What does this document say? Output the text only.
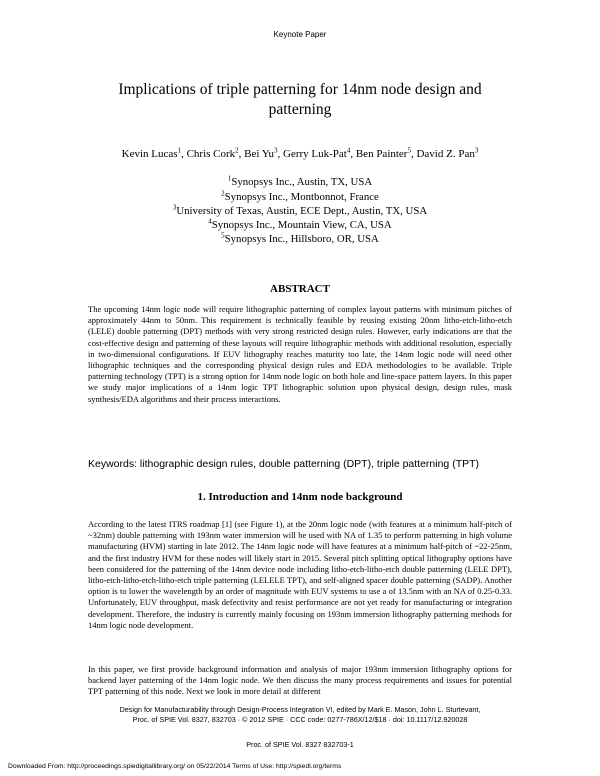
Keynote Paper
Implications of triple patterning for 14nm node design and patterning
Kevin Lucas$^1$, Chris Cork$^2$, Bei Yu$^3$, Gerry Luk-Pat$^4$, Ben Painter$^5$, David Z. Pan$^3$
$^1$Synopsys Inc., Austin, TX, USA
$^2$Synopsys Inc., Montbonnot, France
$^3$University of Texas, Austin, ECE Dept., Austin, TX, USA
$^4$Synopsys Inc., Mountain View, CA, USA
$^5$Synopsys Inc., Hillsboro, OR, USA
ABSTRACT
The upcoming 14nm logic node will require lithographic patterning of complex layout patterns with minimum pitches of approximately 44nm to 50nm. This requirement is technically feasible by reusing existing 20nm litho-etch-litho-etch (LELE) double patterning (DPT) methods with very strong restricted design rules. However, early indications are that the cost-effective design and patterning of these layouts will require lithographic methods with additional resolution, especially in two-dimensional configurations. If EUV lithography reaches maturity too late, the 14nm logic node will need other lithographic techniques and the corresponding physical design rules and EDA methodologies to be available. Triple patterning technology (TPT) is a strong option for 14nm node logic on both hole and line-space pattern layers. In this paper we study major implications of a 14nm logic TPT lithographic solution upon physical design, design rules, mask synthesis/EDA algorithms and their process interactions.
Keywords: lithographic design rules, double patterning (DPT), triple patterning (TPT)
1. Introduction and 14nm node background
According to the latest ITRS roadmap [1] (see Figure 1), at the 20nm logic node (with features at a minimum half-pitch of ~32nm) double patterning with 193nm water immersion will be used with NA of 1.35 to perform patterning in high volume manufacturing (HVM) starting in late 2012. The 14nm logic node will have features at a minimum half-pitch of ~22-25nm, and the first industry HVM for these nodes will likely start in 2015. Several pitch splitting optical lithography options have been considered for the patterning of the 14nm device node including litho-etch-litho-etch double patterning (LELE DPT), litho-etch-litho-etch-litho-etch triple patterning (LELELE TPT), and self-aligned spacer double patterning (SADP). Another option is to lower the wavelength by an order of magnitude with EUV systems to use a of 13.5nm with an NA of 0.25-0.33. Unfortunately, EUV throughput, mask defectivity and resist performance are not yet ready for manufacturing or integration development. Therefore, the industry is currently mainly focusing on 193nm immersion lithography patterning methods for 14nm logic node development.
In this paper, we first provide background information and analysis of major 193nm immersion lithography options for backend layer patterning of the 14nm logic node. We then discuss the many process requirements and issues for potential TPT patterning of this node. Next we look in more detail at different
Design for Manufacturability through Design-Process Integration VI, edited by Mark E. Mason, John L. Sturtevant,
Proc. of SPIE Vol. 8327, 832703 · © 2012 SPIE · CCC code: 0277-786X/12/$18 · doi: 10.1117/12.920028
Proc. of SPIE Vol. 8327 832703-1
Downloaded From: http://proceedings.spiedigitallibrary.org/ on 05/22/2014 Terms of Use: http://spiedl.org/terms
